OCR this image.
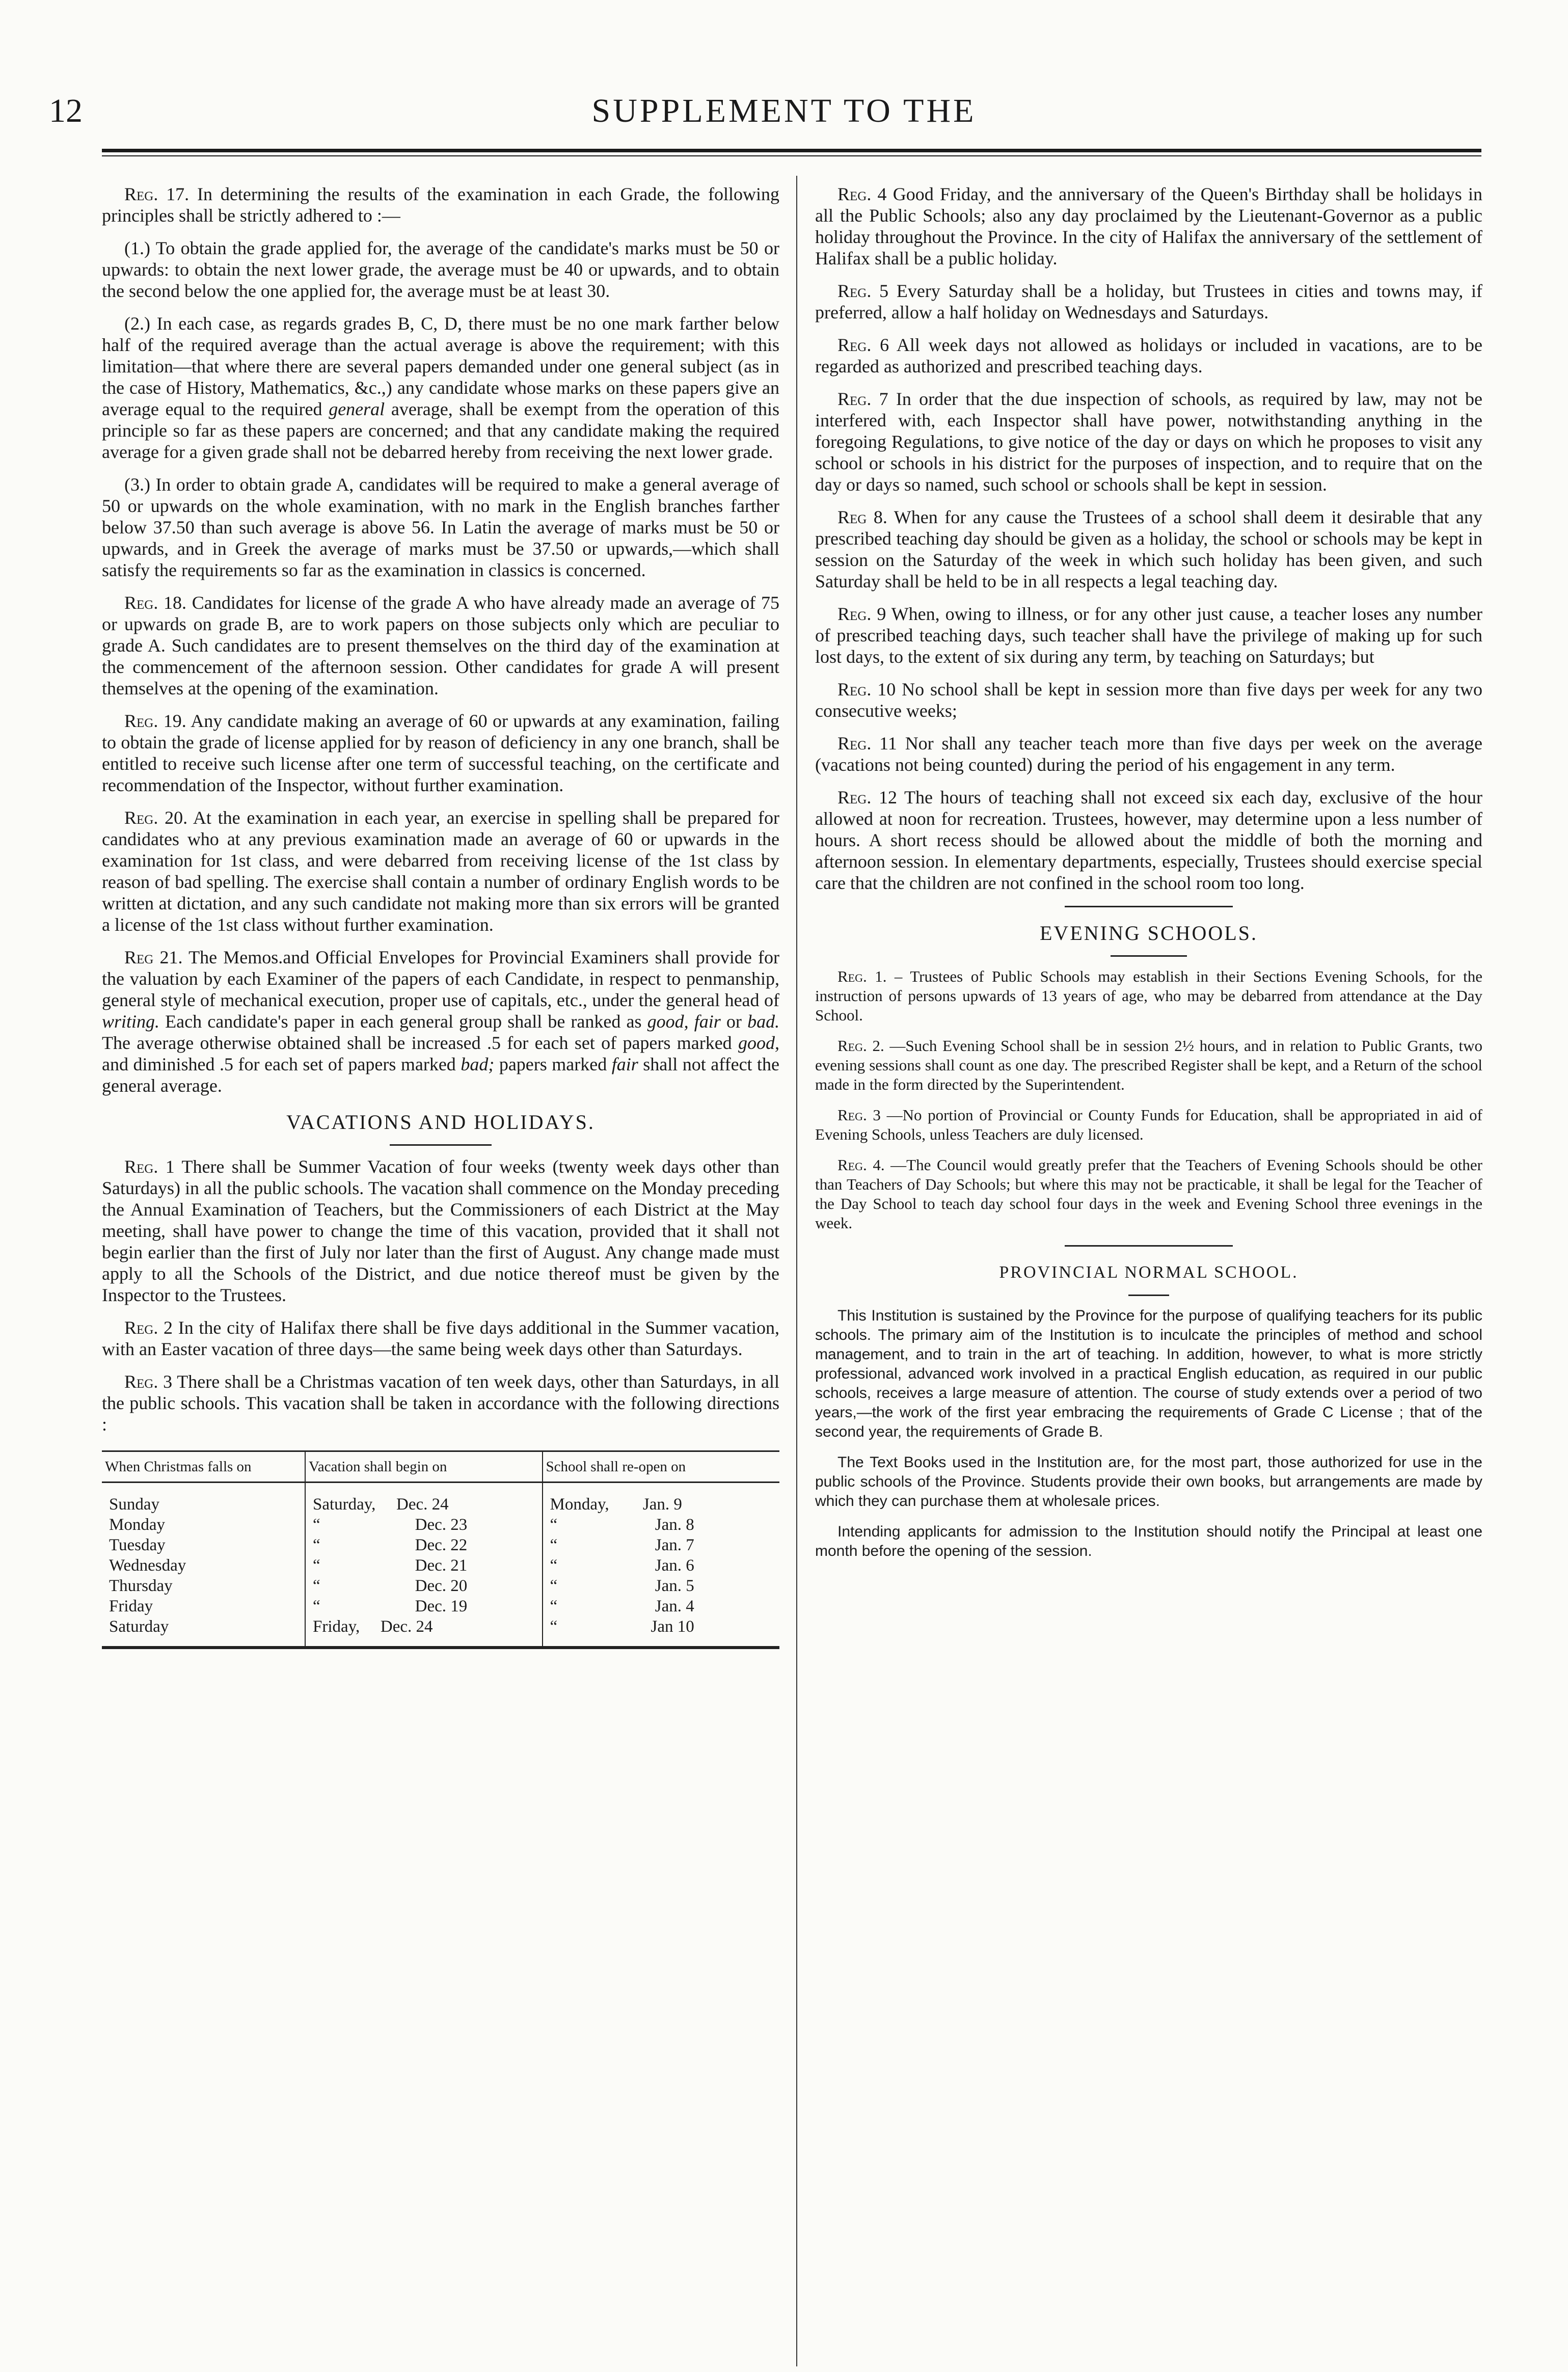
12	SUPPLEMENT TO THE

Reg. 17. In determining the results of the examination in each Grade, the following principles shall be strictly adhered to :—

(1.) To obtain the grade applied for, the average of the candidate's marks must be 50 or upwards: to obtain the next lower grade, the average must be 40 or upwards, and to obtain the second below the one applied for, the average must be at least 30.

(2.) In each case, as regards grades B, C, D, there must be no one mark farther below half of the required average than the actual average is above the requirement; with this limitation—that where there are several papers demanded under one general subject (as in the case of History, Mathematics, &c.,) any candidate whose marks on these papers give an average equal to the required general average, shall be exempt from the operation of this principle so far as these papers are concerned; and that any candidate making the required average for a given grade shall not be debarred hereby from receiving the next lower grade.

(3.) In order to obtain grade A, candidates will be required to make a general average of 50 or upwards on the whole examination, with no mark in the English branches farther below 37.50 than such average is above 56. In Latin the average of marks must be 50 or upwards, and in Greek the average of marks must be 37.50 or upwards,—which shall satisfy the requirements so far as the examination in classics is concerned.

Reg. 18. Candidates for license of the grade A who have already made an average of 75 or upwards on grade B, are to work papers on those subjects only which are peculiar to grade A. Such candidates are to present themselves on the third day of the examination at the commencement of the afternoon session. Other candidates for grade A will present themselves at the opening of the examination.

Reg. 19. Any candidate making an average of 60 or upwards at any examination, failing to obtain the grade of license applied for by reason of deficiency in any one branch, shall be entitled to receive such license after one term of successful teaching, on the certificate and recommendation of the Inspector, without further examination.

Reg. 20. At the examination in each year, an exercise in spelling shall be prepared for candidates who at any previous examination made an average of 60 or upwards in the examination for 1st class, and were debarred from receiving license of the 1st class by reason of bad spelling. The exercise shall contain a number of ordinary English words to be written at dictation, and any such candidate not making more than six errors will be granted a license of the 1st class without further examination.

Reg 21. The Memos.and Official Envelopes for Provincial Examiners shall provide for the valuation by each Examiner of the papers of each Candidate, in respect to penmanship, general style of mechanical execution, proper use of capitals, etc., under the general head of writing. Each candidate's paper in each general group shall be ranked as good, fair or bad. The average otherwise obtained shall be increased .5 for each set of papers marked good, and diminished .5 for each set of papers marked bad; papers marked fair shall not affect the general average.

VACATIONS AND HOLIDAYS.

Reg. 1 There shall be Summer Vacation of four weeks (twenty week days other than Saturdays) in all the public schools. The vacation shall commence on the Monday preceding the Annual Examination of Teachers, but the Commissioners of each District at the May meeting, shall have power to change the time of this vacation, provided that it shall not begin earlier than the first of July nor later than the first of August. Any change made must apply to all the Schools of the District, and due notice thereof must be given by the Inspector to the Trustees.

Reg. 2 In the city of Halifax there shall be five days additional in the Summer vacation, with an Easter vacation of three days—the same being week days other than Saturdays.

Reg. 3 There shall be a Christmas vacation of ten week days, other than Saturdays, in all the public schools. This vacation shall be taken in accordance with the following directions :

When Christmas falls on	Vacation shall begin on	School shall re-open on
Sunday	Saturday, Dec. 24	Monday, Jan. 9
Monday	“ Dec. 23	“ Jan. 8
Tuesday	“ Dec. 22	“ Jan. 7
Wednesday	“ Dec. 21	“ Jan. 6
Thursday	“ Dec. 20	“ Jan. 5
Friday	“ Dec. 19	“ Jan. 4
Saturday	Friday, Dec. 24	“ Jan 10

Reg. 4 Good Friday, and the anniversary of the Queen's Birthday shall be holidays in all the Public Schools; also any day proclaimed by the Lieutenant-Governor as a public holiday throughout the Province. In the city of Halifax the anniversary of the settlement of Halifax shall be a public holiday.

Reg. 5 Every Saturday shall be a holiday, but Trustees in cities and towns may, if preferred, allow a half holiday on Wednesdays and Saturdays.

Reg. 6 All week days not allowed as holidays or included in vacations, are to be regarded as authorized and prescribed teaching days.

Reg. 7 In order that the due inspection of schools, as required by law, may not be interfered with, each Inspector shall have power, notwithstanding anything in the foregoing Regulations, to give notice of the day or days on which he proposes to visit any school or schools in his district for the purposes of inspection, and to require that on the day or days so named, such school or schools shall be kept in session.

Reg 8. When for any cause the Trustees of a school shall deem it desirable that any prescribed teaching day should be given as a holiday, the school or schools may be kept in session on the Saturday of the week in which such holiday has been given, and such Saturday shall be held to be in all respects a legal teaching day.

Reg. 9 When, owing to illness, or for any other just cause, a teacher loses any number of prescribed teaching days, such teacher shall have the privilege of making up for such lost days, to the extent of six during any term, by teaching on Saturdays; but

Reg. 10 No school shall be kept in session more than five days per week for any two consecutive weeks;

Reg. 11 Nor shall any teacher teach more than five days per week on the average (vacations not being counted) during the period of his engagement in any term.

Reg. 12 The hours of teaching shall not exceed six each day, exclusive of the hour allowed at noon for recreation. Trustees, however, may determine upon a less number of hours. A short recess should be allowed about the middle of both the morning and afternoon session. In elementary departments, especially, Trustees should exercise special care that the children are not confined in the school room too long.

EVENING SCHOOLS.

Reg. 1. – Trustees of Public Schools may establish in their Sections Evening Schools, for the instruction of persons upwards of 13 years of age, who may be debarred from attendance at the Day School.

Reg. 2. —Such Evening School shall be in session 2½ hours, and in relation to Public Grants, two evening sessions shall count as one day. The prescribed Register shall be kept, and a Return of the school made in the form directed by the Superintendent.

Reg. 3 —No portion of Provincial or County Funds for Education, shall be appropriated in aid of Evening Schools, unless Teachers are duly licensed.

Reg. 4. —The Council would greatly prefer that the Teachers of Evening Schools should be other than Teachers of Day Schools; but where this may not be practicable, it shall be legal for the Teacher of the Day School to teach day school four days in the week and Evening School three evenings in the week.

PROVINCIAL NORMAL SCHOOL.

This Institution is sustained by the Province for the purpose of qualifying teachers for its public schools. The primary aim of the Institution is to inculcate the principles of method and school management, and to train in the art of teaching. In addition, however, to what is more strictly professional, advanced work involved in a practical English education, as required in our public schools, receives a large measure of attention. The course of study extends over a period of two years,—the work of the first year embracing the requirements of Grade C License ; that of the second year, the requirements of Grade B.

The Text Books used in the Institution are, for the most part, those authorized for use in the public schools of the Province. Students provide their own books, but arrangements are made by which they can purchase them at wholesale prices.

Intending applicants for admission to the Institution should notify the Principal at least one month before the opening of the session.
